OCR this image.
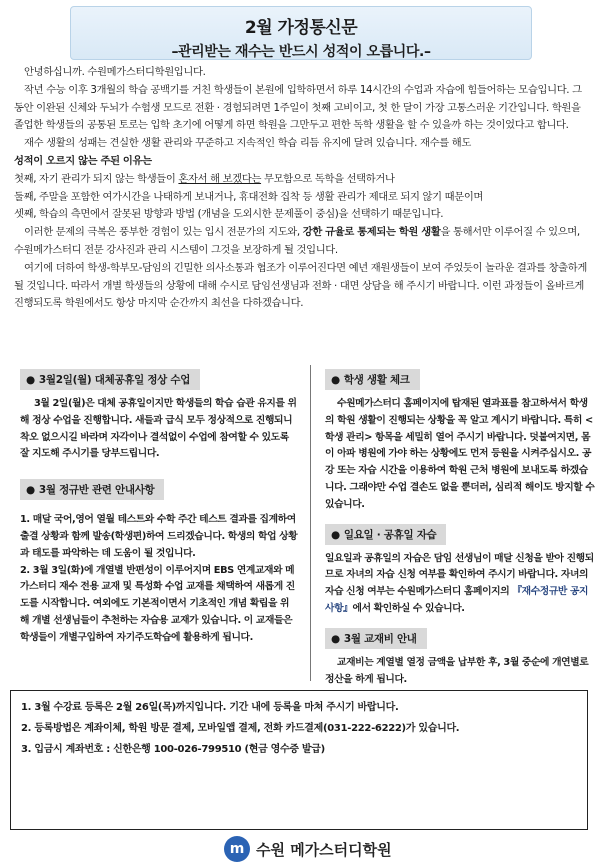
2월 가정통신문
–관리받는 재수는 반드시 성적이 오릅니다.–

안녕하십니까. 수원메가스터디학원입니다.

작년 수능 이후 3개월의 학습 공백기를 거친 학생들이 본원에 입학하면서 하루 14시간의 수업과 자습에 힘들어하는 모습입니다. 그 동안 이완된 신체와 두뇌가 수험생 모드로 전환 · 경험되려면 1주일이 첫째 고비이고, 첫 한 달이 가장 고통스러운 기간입니다. 학원을 졸업한 학생들의 공통된 토로는 입학 초기에 어떻게 하면 학원을 그만두고 편한 독학 생활을 할 수 있을까 하는 것이었다고 합니다.

재수 생활의 성패는 견실한 생활 관리와 꾸준하고 지속적인 학습 리듬 유지에 달려 있습니다. 재수를 해도

성적이 오르지 않는 주된 이유는

첫째, 자기 관리가 되지 않는 학생들이 혼자서 해 보겠다는 무모함으로 독학을 선택하거나

둘째, 주말을 포함한 여가시간을 나태하게 보내거나, 휴대전화 집착 등 생활 관리가 제대로 되지 않기 때문이며

셋째, 학습의 측면에서 잘못된 방향과 방법 (개념을 도외시한 문제풀이 중심)을 선택하기 때문입니다.

이러한 문제의 극복은 풍부한 경험이 있는 입시 전문가의 지도와, 강한 규율로 통제되는 학원 생활을 통해서만 이루어질 수 있으며, 수원메가스터디 전문 강사진과 관리 시스템이 그것을 보장하게 될 것입니다.

여기에 더하여 학생-학부모-담임의 긴밀한 의사소통과 협조가 이루어진다면 예년 재원생들이 보여 주었듯이 놀라운 결과를 창출하게 될 것입니다. 따라서 개별 학생들의 상황에 대해 수시로 담임선생님과 전화 · 대면 상담을 해 주시기 바랍니다. 이런 과정들이 올바르게 진행되도록 학원에서도 항상 마지막 순간까지 최선을 다하겠습니다.

● 3월2일(월) 대체공휴일 정상 수업

3월 2일(월)은 대체 공휴일이지만 학생들의 학습 습관 유지를 위해 정상 수업을 진행합니다. 새들과 급식 모두 정상적으로 진행되니 착오 없으시길 바라며 자각이나 결석없이 수업에 참여할 수 있도록 잘 지도해 주시기를 당부드립니다.

● 3월 정규반 관련 안내사항

1. 매달 국어,영어 열월 테스트와 수학 주간 테스트 결과를 집계하여 출결 상황과 함께 발송(학생편)하여 드리겠습니다. 학생의 학업 상황과 태도를 파악하는 데 도움이 될 것입니다.

2. 3월 3일(화)에 개열별 반편성이 이루어지며 EBS 연계교재와 메가스터디 재수 전용 교재 및 특성화 수업 교재를 채택하여 새롭게 진도를 시작합니다. 여외에도 기본적이면서 기초적인 개념 확립을 위해 개별 선생님들이 추천하는 자습용 교재가 있습니다. 이 교재들은 학생들이 개별구입하여 자기주도학습에 활용하게 됩니다.

● 학생 생활 체크

수원메가스터디 홈페이지에 탑재된 열과표를 참고하셔서 학생의 학원 생활이 진행되는 상황을 꼭 알고 계시기 바랍니다. 특히 <학생 관리> 항목을 세밀히 열어 주시기 바랍니다. 덧붙여지면, 몸이 아파 병원에 가야 하는 상황에도 먼저 등원을 시켜주십시오. 공강 또는 자습 시간을 이용하여 학원 근처 병원에 보내도록 하겠습니다. 그래야만 수업 결손도 없을 뿐더러, 심리적 해이도 방지할 수 있습니다.

● 일요일 · 공휴일 자습

일요일과 공휴일의 자습은 담임 선생님이 매달 신청을 받아 진행되므로 자녀의 자습 신청 여부를 확인하여 주시기 바랍니다. 자녀의 자습 신청 여부는 수원메가스터디 홈페이지의 『재수정규반 공지사항』에서 확인하실 수 있습니다.

● 3월 교재비 안내

교재비는 계열별 열정 금액을 납부한 후, 3월 중순에 개연별로 정산을 하게 됩니다.

1. 3월 수강료 등록은 2월 26일(목)까지입니다. 기간 내에 등록을 마쳐 주시기 바랍니다.

2. 등록방법은 계좌이체, 학원 방문 결제, 모바일앱 결제, 전화 카드결제(031-222-6222)가 있습니다.

3. 입금시 계좌번호 : 신한은행 100-026-799510 (현금 영수증 발급)

m 수원 메가스터디학원
